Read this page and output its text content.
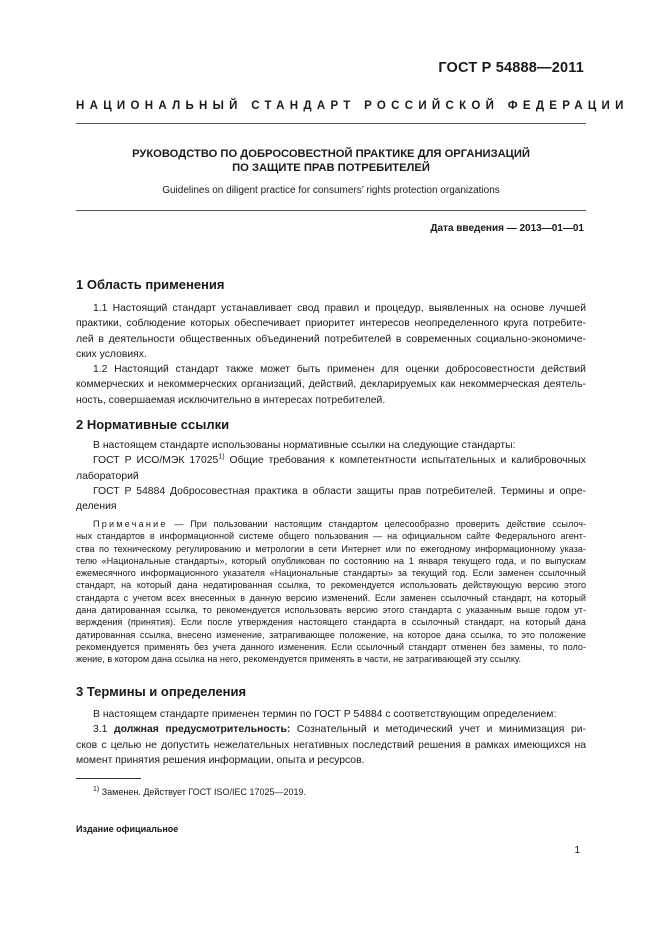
ГОСТ Р 54888—2011
НАЦИОНАЛЬНЫЙ СТАНДАРТ РОССИЙСКОЙ ФЕДЕРАЦИИ
РУКОВОДСТВО ПО ДОБРОСОВЕСТНОЙ ПРАКТИКЕ ДЛЯ ОРГАНИЗАЦИЙ
ПО ЗАЩИТЕ ПРАВ ПОТРЕБИТЕЛЕЙ
Guidelines on diligent practice for consumers’ rights protection organizations
Дата введения — 2013—01—01
1 Область применения
1.1 Настоящий стандарт устанавливает свод правил и процедур, выявленных на основе лучшей
практики, соблюдение которых обеспечивает приоритет интересов неопределенного круга потребите-
лей в деятельности общественных объединений потребителей в современных социально-экономиче-
ских условиях.
1.2 Настоящий стандарт также может быть применен для оценки добросовестности действий
коммерческих и некоммерческих организаций, действий, декларируемых как некоммерческая деятель-
ность, совершаемая исключительно в интересах потребителей.
2 Нормативные ссылки
В настоящем стандарте использованы нормативные ссылки на следующие стандарты:
ГОСТ Р ИСО/МЭК 17025$^{1)}$ Общие требования к компетентности испытательных и калибровочных
лабораторий
ГОСТ Р 54884 Добросовестная практика в области защиты прав потребителей. Термины и опре-
деления
Примечание — При пользовании настоящим стандартом целесообразно проверить действие ссылоч-
ных стандартов в информационной системе общего пользования — на официальном сайте Федерального агент-
ства по техническому регулированию и метрологии в сети Интернет или по ежегодному информационному указа-
телю «Национальные стандарты», который опубликован по состоянию на 1 января текущего года, и по выпускам
ежемесячного информационного указателя «Национальные стандарты» за текущий год. Если заменен ссылочный
стандарт, на который дана недатированная ссылка, то рекомендуется использовать действующую версию этого
стандарта с учетом всех внесенных в данную версию изменений. Если заменен ссылочный стандарт, на который
дана датированная ссылка, то рекомендуется использовать версию этого стандарта с указанным выше годом ут-
верждения (принятия). Если после утверждения настоящего стандарта в ссылочный стандарт, на который дана
датированная ссылка, внесено изменение, затрагивающее положение, на которое дана ссылка, то это положение
рекомендуется применять без учета данного изменения. Если ссылочный стандарт отменен без замены, то поло-
жение, в котором дана ссылка на него, рекомендуется применять в части, не затрагивающей эту ссылку.
3 Термины и определения
В настоящем стандарте применен термин по ГОСТ Р 54884 с соответствующим определением:
3.1 должная предусмотрительность: Сознательный и методический учет и минимизация ри-
сков с целью не допустить нежелательных негативных последствий решения в рамках имеющихся на
момент принятия решения информации, опыта и ресурсов.
$^{1)}$ Заменен. Действует ГОСТ ISO/IEC 17025—2019.
Издание официальное
1
